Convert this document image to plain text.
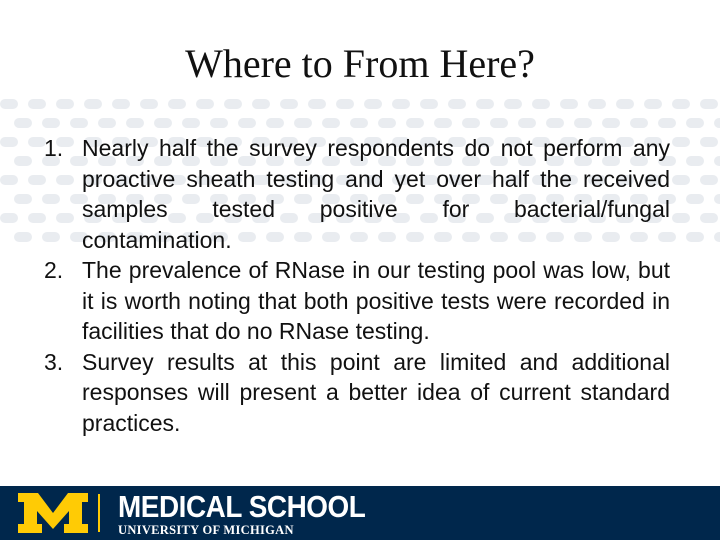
Where to From Here?
1. Nearly half the survey respondents do not perform any proactive sheath testing and yet over half the received samples tested positive for bacterial/fungal contamination.
2. The prevalence of RNase in our testing pool was low, but it is worth noting that both positive tests were recorded in facilities that do no RNase testing.
3. Survey results at this point are limited and additional responses will present a better idea of current standard practices.
MEDICAL SCHOOL
UNIVERSITY OF MICHIGAN
